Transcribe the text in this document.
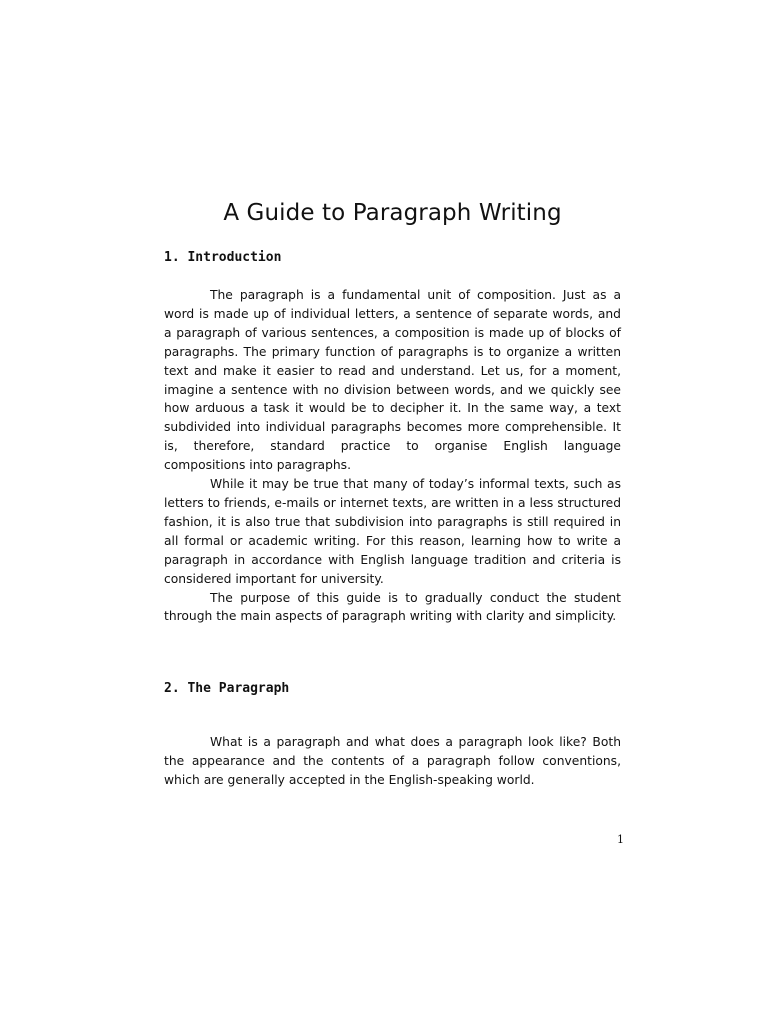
A Guide to Paragraph Writing
1. Introduction

The paragraph is a fundamental unit of composition. Just as a word is made up of individual letters, a sentence of separate words, and a paragraph of various sentences, a composition is made up of blocks of paragraphs. The primary function of paragraphs is to organize a written text and make it easier to read and understand. Let us, for a moment, imagine a sentence with no division between words, and we quickly see how arduous a task it would be to decipher it. In the same way, a text subdivided into individual paragraphs becomes more comprehensible. It is, therefore, standard practice to organise English language compositions into paragraphs.

While it may be true that many of today’s informal texts, such as letters to friends, e-mails or internet texts, are written in a less structured fashion, it is also true that subdivision into paragraphs is still required in all formal or academic writing. For this reason, learning how to write a paragraph in accordance with English language tradition and criteria is considered important for university.

The purpose of this guide is to gradually conduct the student through the main aspects of paragraph writing with clarity and simplicity.

2. The Paragraph

What is a paragraph and what does a paragraph look like? Both the appearance and the contents of a paragraph follow conventions, which are generally accepted in the English-speaking world.

1
